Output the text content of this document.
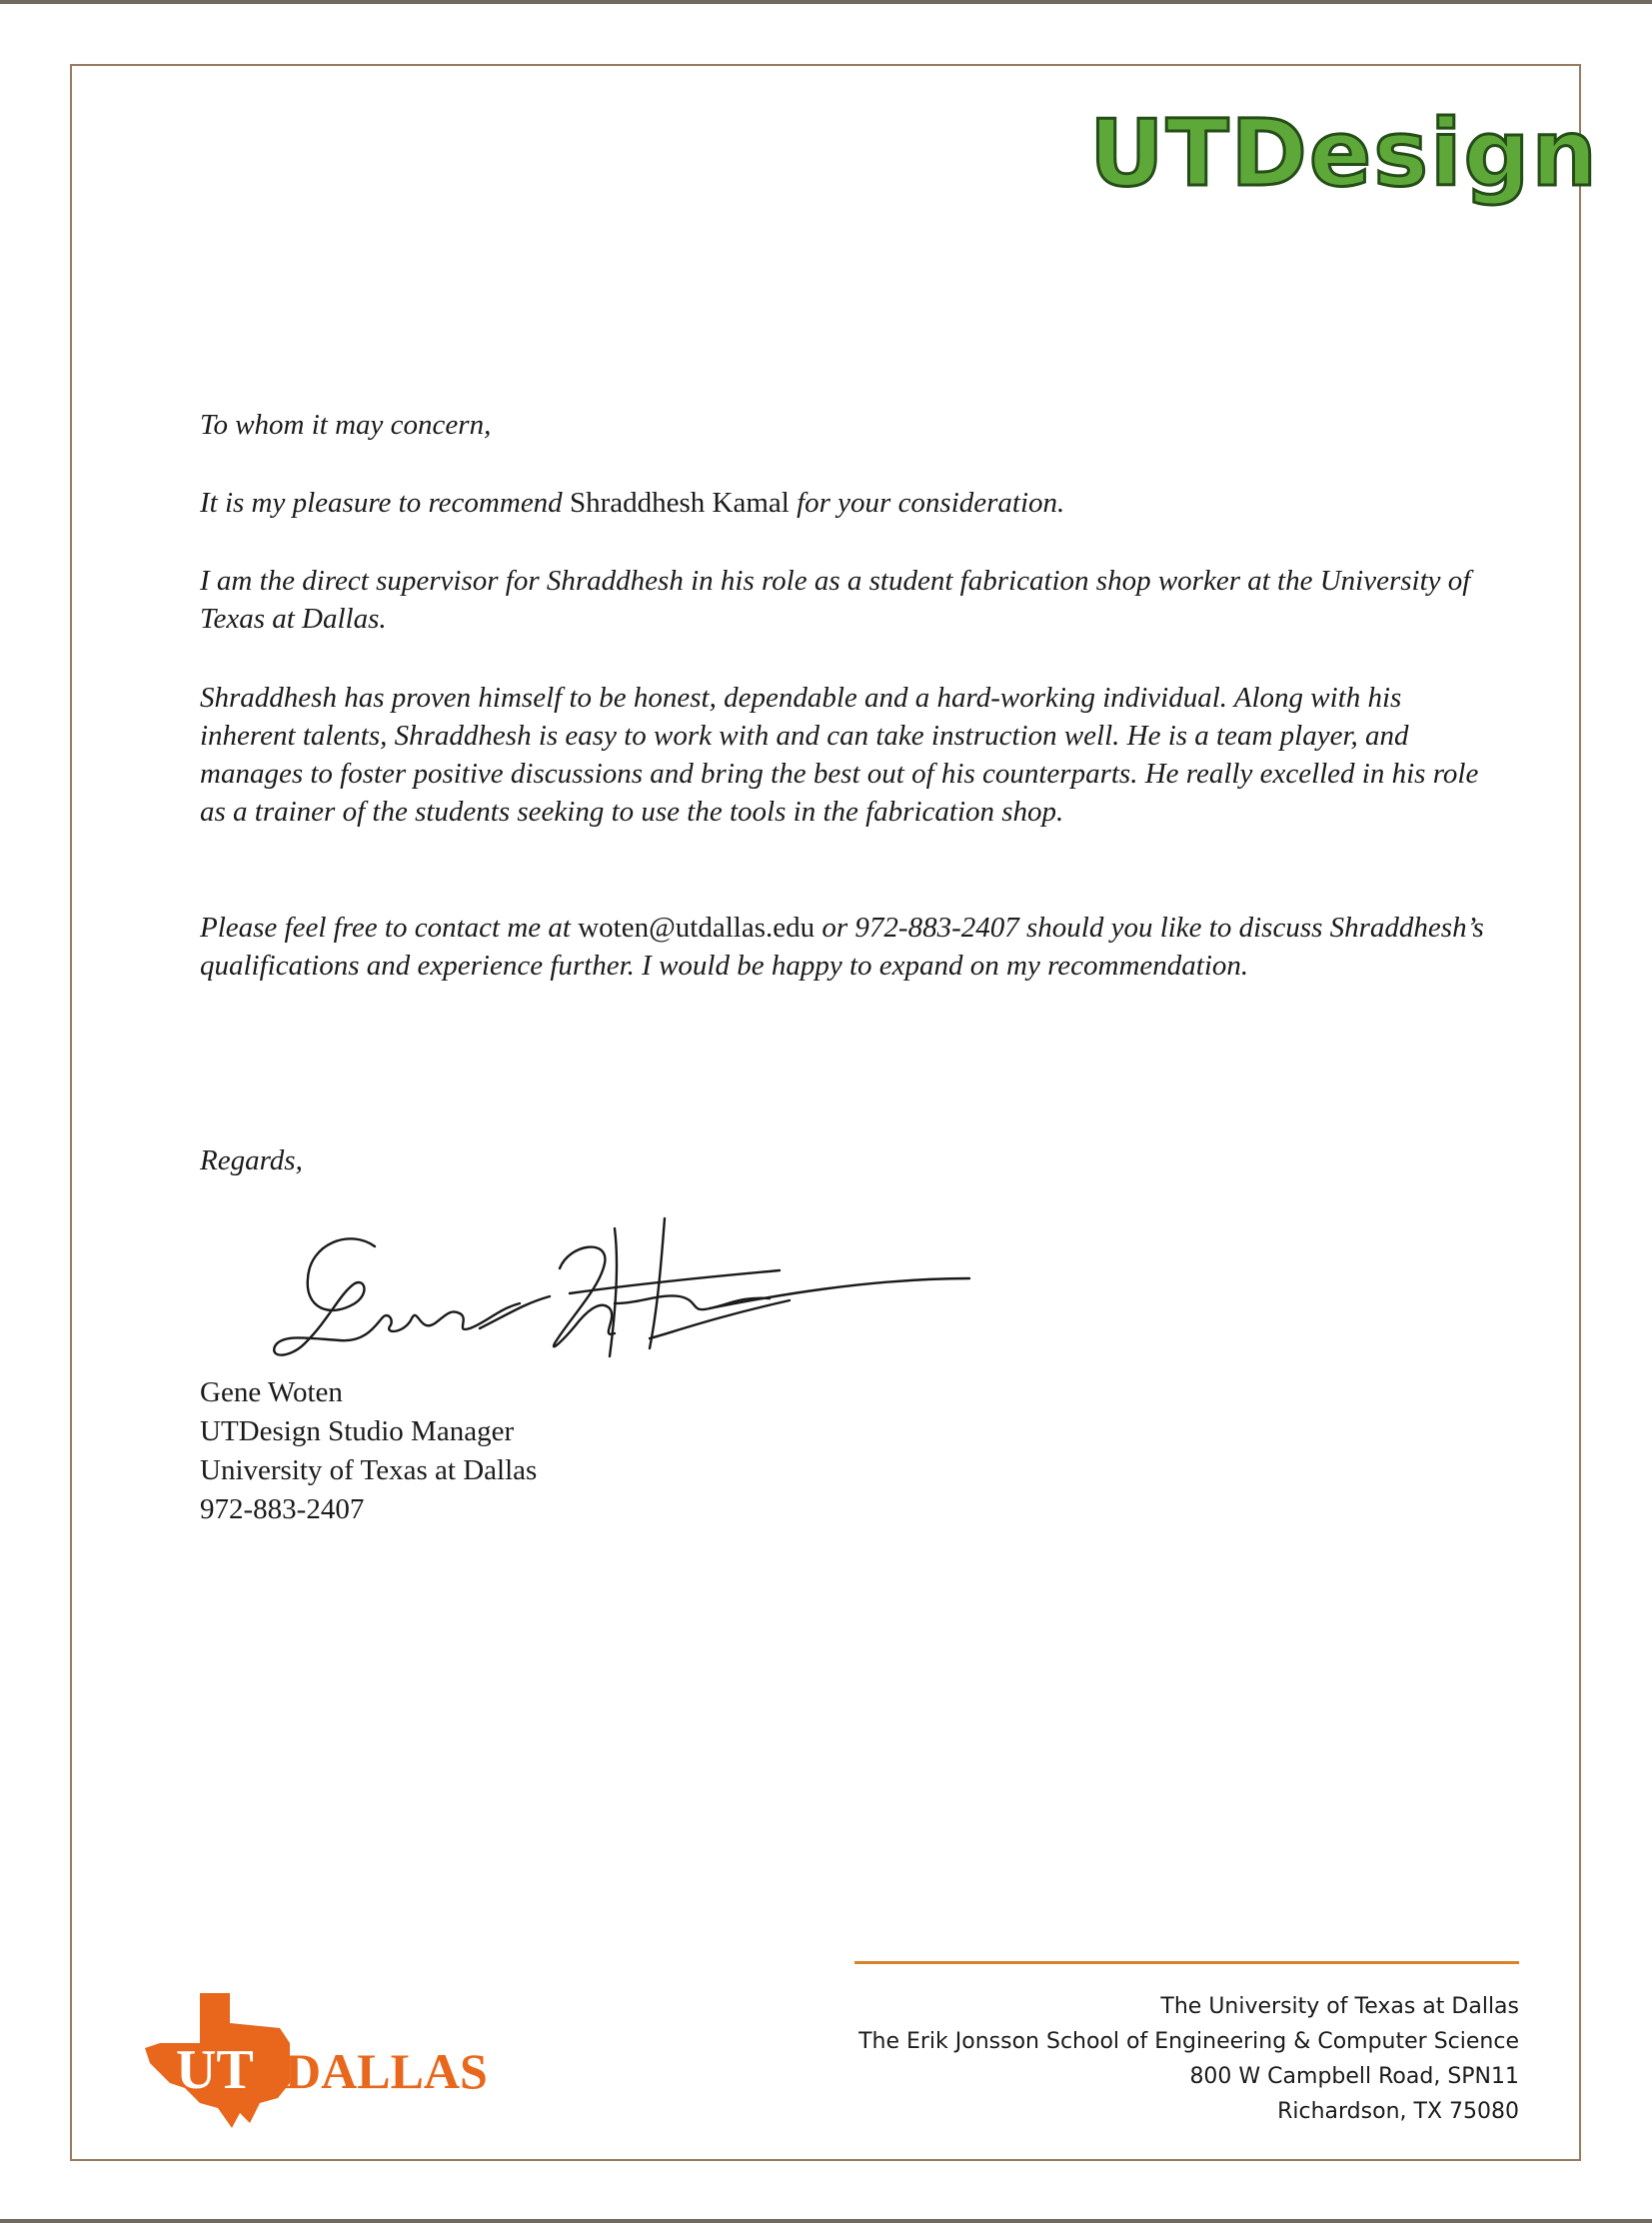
UTDesign
To whom it may concern,
It is my pleasure to recommend Shraddhesh Kamal for your consideration.
I am the direct supervisor for Shraddhesh in his role as a student fabrication shop worker at the University of Texas at Dallas.
Shraddhesh has proven himself to be honest, dependable and a hard-working individual. Along with his inherent talents, Shraddhesh is easy to work with and can take instruction well. He is a team player, and manages to foster positive discussions and bring the best out of his counterparts. He really excelled in his role as a trainer of the students seeking to use the tools in the fabrication shop.
Please feel free to contact me at woten@utdallas.edu or 972-883-2407 should you like to discuss Shraddhesh’s qualifications and experience further. I would be happy to expand on my recommendation.
Regards,
Gene Woten
UTDesign Studio Manager
University of Texas at Dallas
972-883-2407
UT DALLAS
The University of Texas at Dallas
The Erik Jonsson School of Engineering & Computer Science
800 W Campbell Road, SPN11
Richardson, TX 75080
